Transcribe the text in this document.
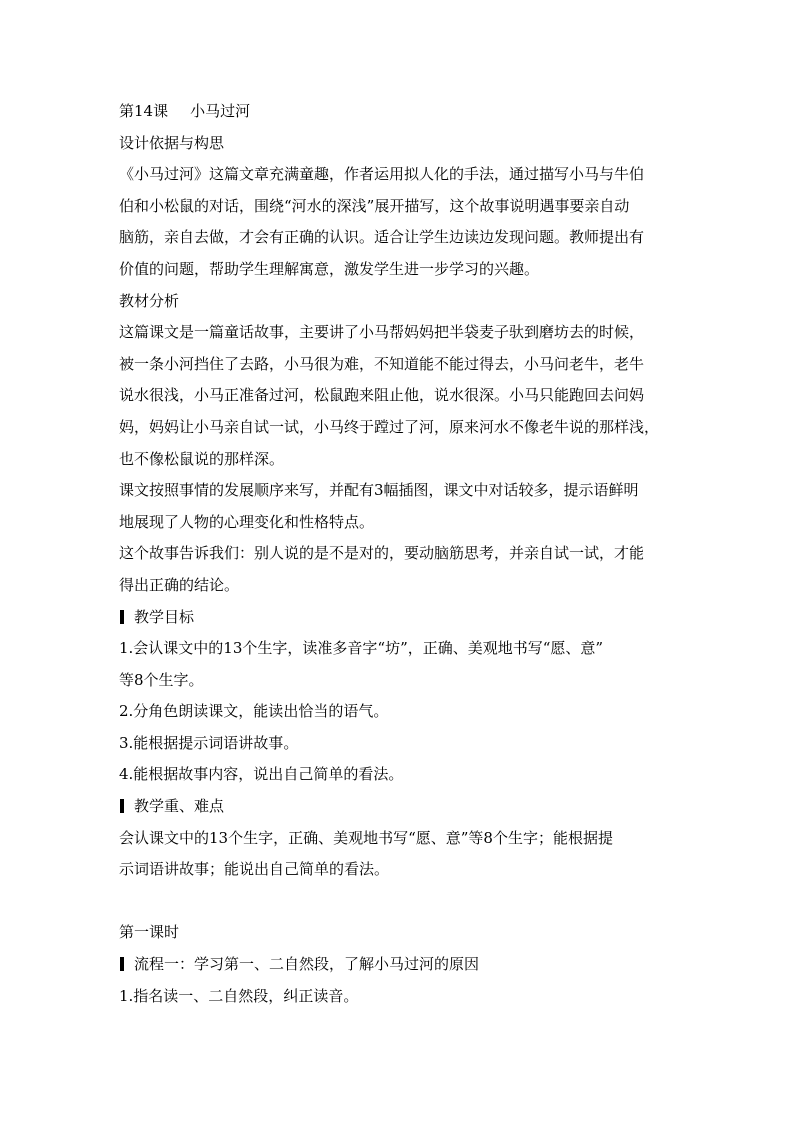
第14课 小马过河

设计依据与构思

《小马过河》这篇文章充满童趣，作者运用拟人化的手法，通过描写小马与牛伯

伯和小松鼠的对话，围绕“河水的深浅”展开描写，这个故事说明遇事要亲自动

脑筋，亲自去做，才会有正确的认识。适合让学生边读边发现问题。教师提出有

价值的问题，帮助学生理解寓意，激发学生进一步学习的兴趣。

教材分析

这篇课文是一篇童话故事，主要讲了小马帮妈妈把半袋麦子驮到磨坊去的时候，

被一条小河挡住了去路，小马很为难，不知道能不能过得去，小马问老牛，老牛

说水很浅，小马正准备过河，松鼠跑来阻止他，说水很深。小马只能跑回去问妈

妈，妈妈让小马亲自试一试，小马终于蹚过了河，原来河水不像老牛说的那样浅，

也不像松鼠说的那样深。

课文按照事情的发展顺序来写，并配有3幅插图，课文中对话较多，提示语鲜明

地展现了人物的心理变化和性格特点。

这个故事告诉我们：别人说的是不是对的，要动脑筋思考，并亲自试一试，才能

得出正确的结论。

教学目标

1.会认课文中的13个生字，读准多音字“坊”，正确、美观地书写“愿、意”

等8个生字。

2.分角色朗读课文，能读出恰当的语气。

3.能根据提示词语讲故事。

4.能根据故事内容，说出自己简单的看法。

教学重、难点

会认课文中的13个生字，正确、美观地书写“愿、意”等8个生字；能根据提

示词语讲故事；能说出自己简单的看法。

第一课时

流程一：学习第一、二自然段，了解小马过河的原因

1.指名读一、二自然段，纠正读音。
